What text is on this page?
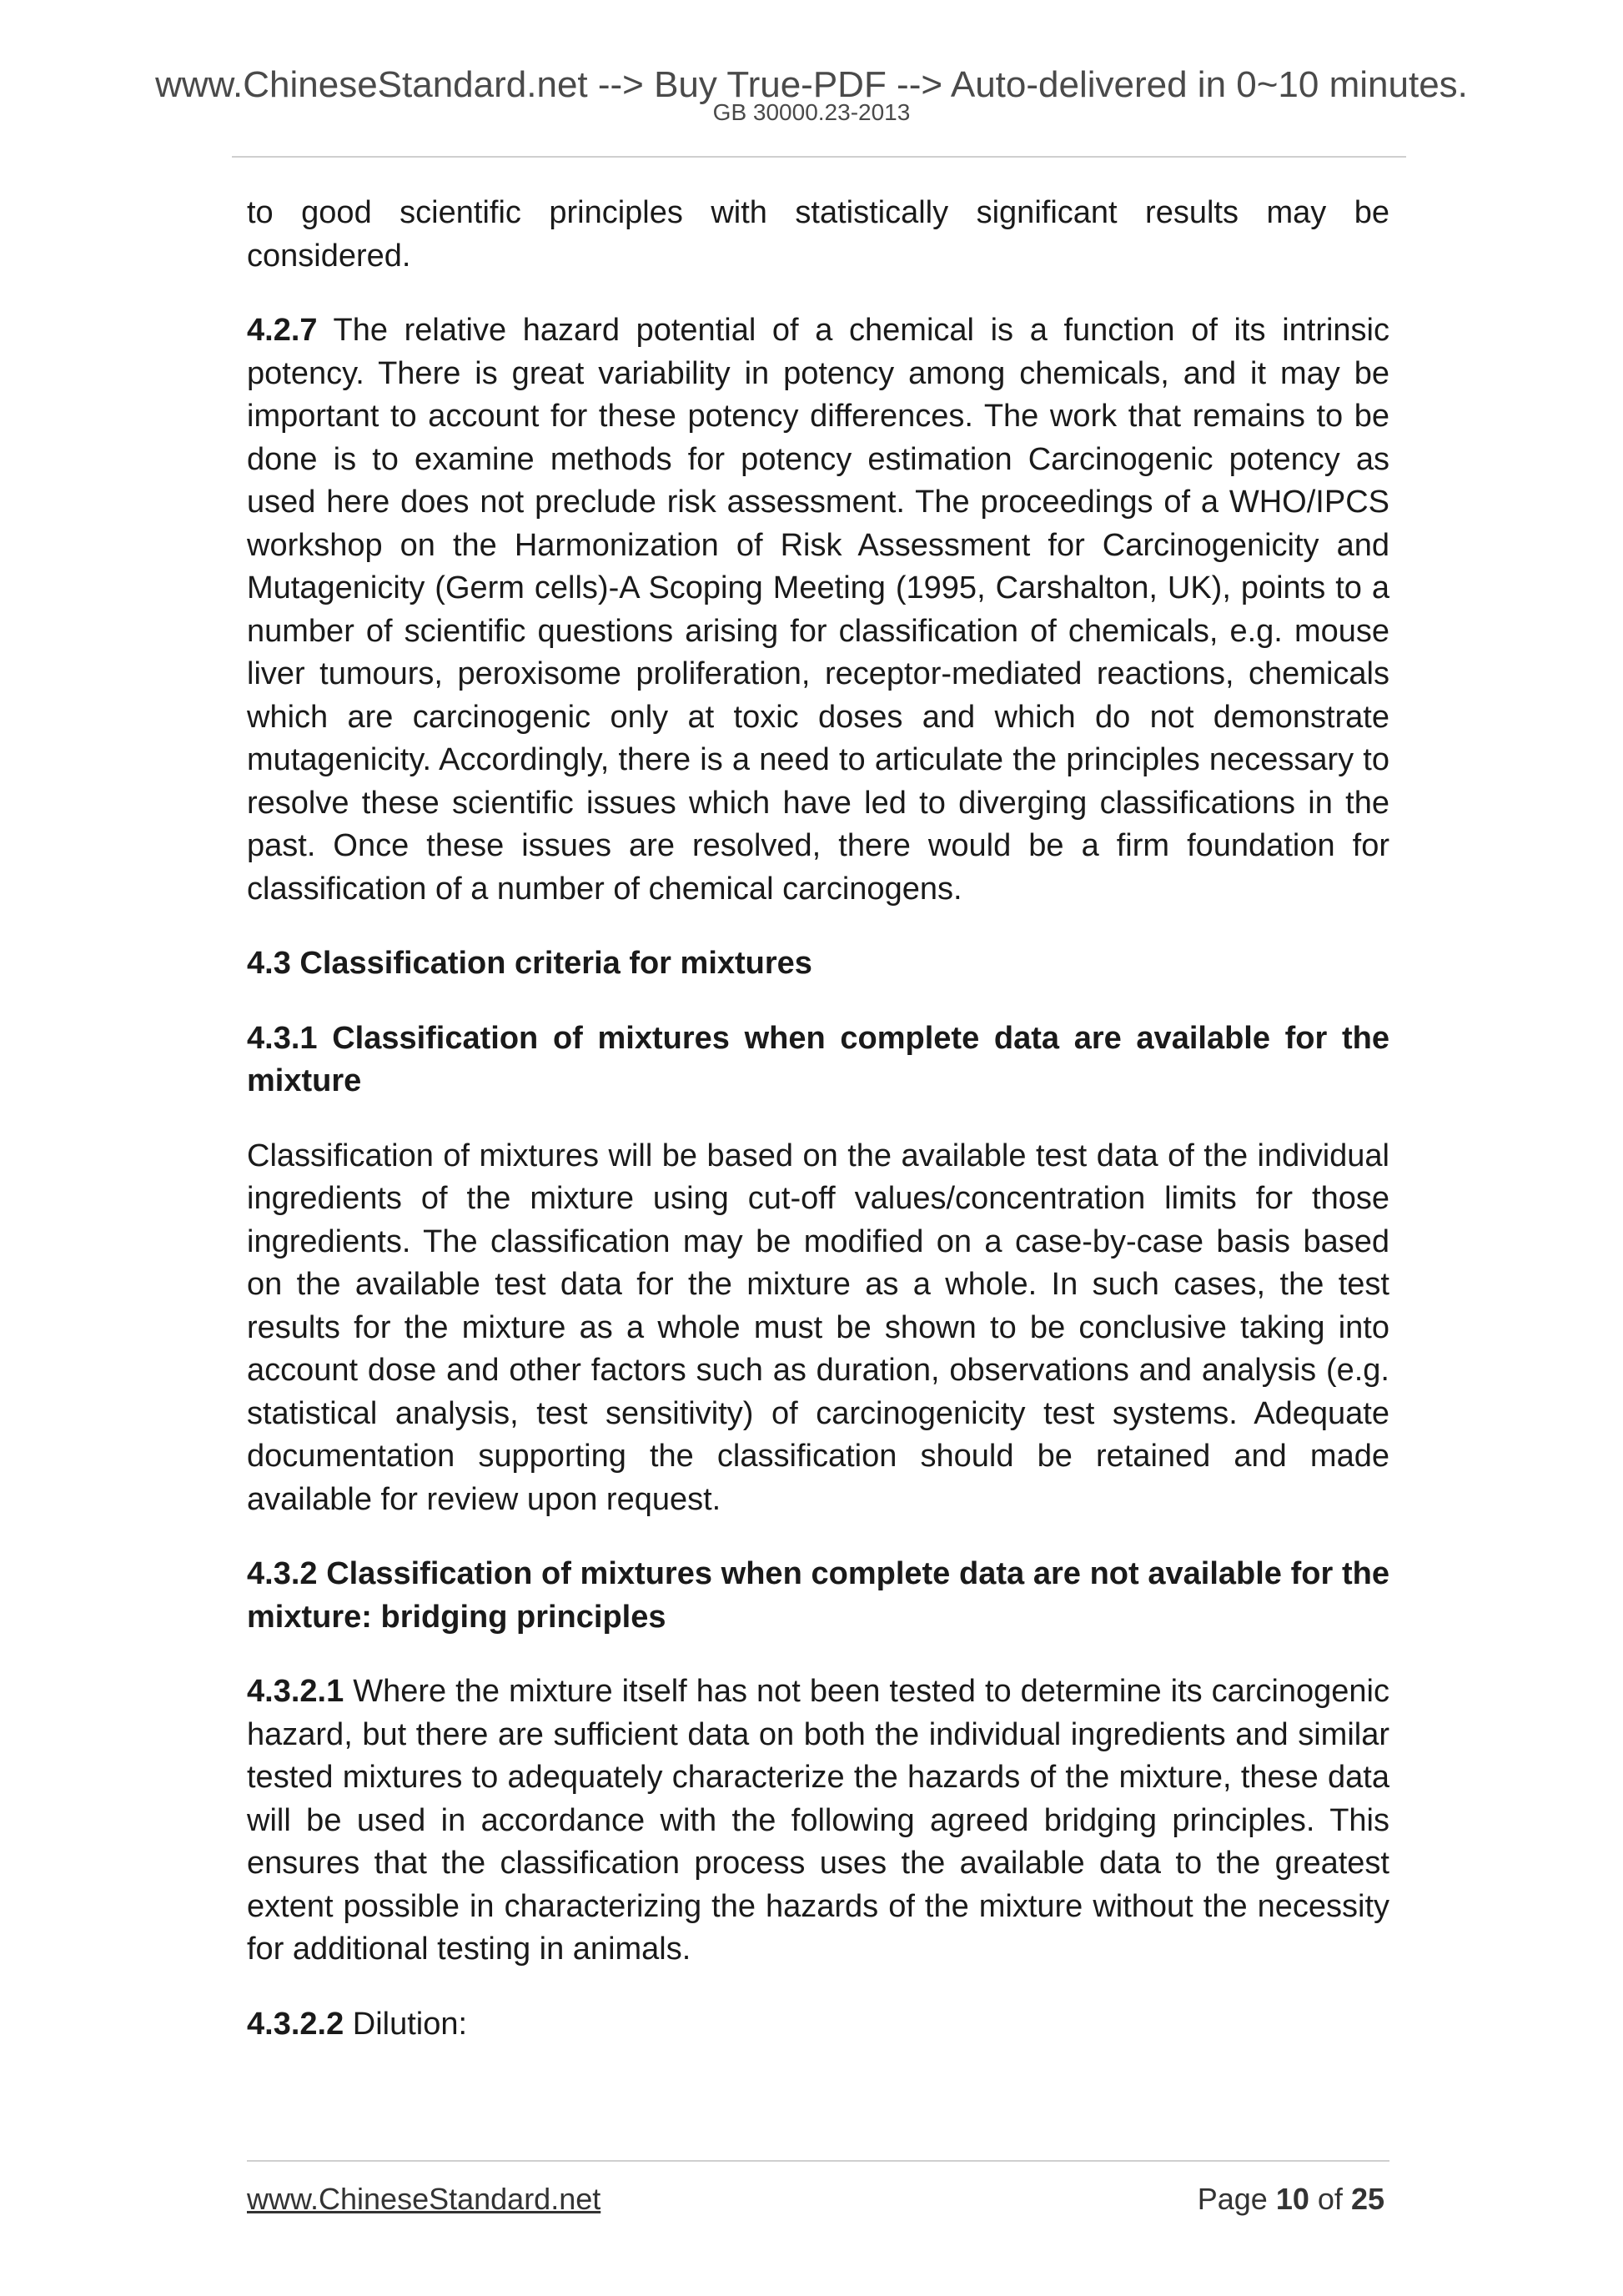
www.ChineseStandard.net --> Buy True-PDF --> Auto-delivered in 0~10 minutes.
GB 30000.23-2013

to good scientific principles with statistically significant results may be considered.

4.2.7 The relative hazard potential of a chemical is a function of its intrinsic potency. There is great variability in potency among chemicals, and it may be important to account for these potency differences. The work that remains to be done is to examine methods for potency estimation Carcinogenic potency as used here does not preclude risk assessment. The proceedings of a WHO/IPCS workshop on the Harmonization of Risk Assessment for Carcinogenicity and Mutagenicity (Germ cells)-A Scoping Meeting (1995, Carshalton, UK), points to a number of scientific questions arising for classification of chemicals, e.g. mouse liver tumours, peroxisome proliferation, receptor-mediated reactions, chemicals which are carcinogenic only at toxic doses and which do not demonstrate mutagenicity. Accordingly, there is a need to articulate the principles necessary to resolve these scientific issues which have led to diverging classifications in the past. Once these issues are resolved, there would be a firm foundation for classification of a number of chemical carcinogens.

4.3 Classification criteria for mixtures

4.3.1 Classification of mixtures when complete data are available for the mixture

Classification of mixtures will be based on the available test data of the individual ingredients of the mixture using cut-off values/concentration limits for those ingredients. The classification may be modified on a case-by-case basis based on the available test data for the mixture as a whole. In such cases, the test results for the mixture as a whole must be shown to be conclusive taking into account dose and other factors such as duration, observations and analysis (e.g. statistical analysis, test sensitivity) of carcinogenicity test systems. Adequate documentation supporting the classification should be retained and made available for review upon request.

4.3.2 Classification of mixtures when complete data are not available for the mixture: bridging principles

4.3.2.1 Where the mixture itself has not been tested to determine its carcinogenic hazard, but there are sufficient data on both the individual ingredients and similar tested mixtures to adequately characterize the hazards of the mixture, these data will be used in accordance with the following agreed bridging principles. This ensures that the classification process uses the available data to the greatest extent possible in characterizing the hazards of the mixture without the necessity for additional testing in animals.

4.3.2.2 Dilution:

www.ChineseStandard.net	Page 10 of 25
